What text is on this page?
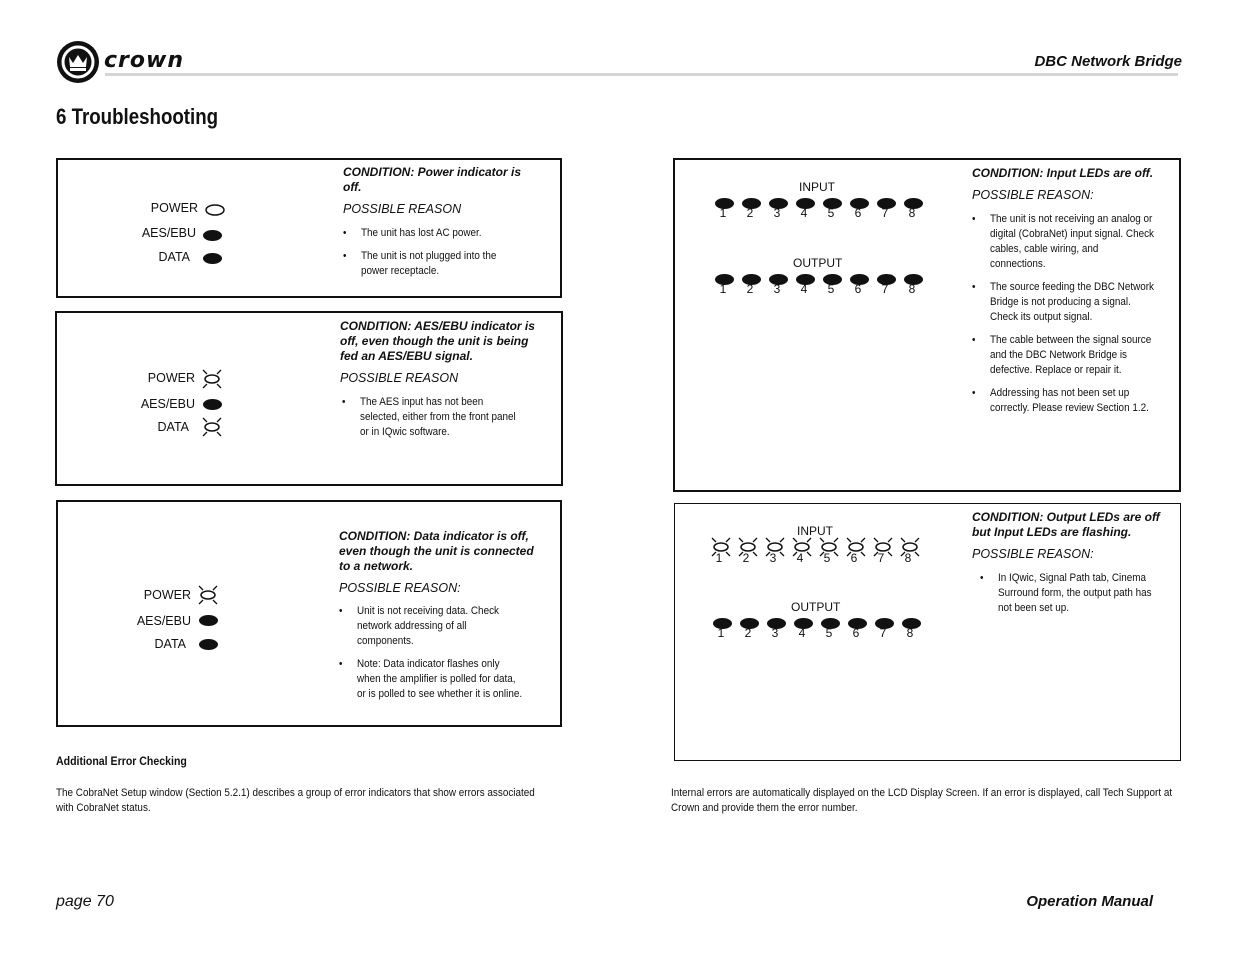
crown	DBC Network Bridge
6 Troubleshooting
POWER
AES/EBU
DATA
CONDITION: Power indicator is off.
POSSIBLE REASON
• The unit has lost AC power.
• The unit is not plugged into the power receptacle.
POWER
AES/EBU
DATA
CONDITION: AES/EBU indicator is off, even though the unit is being fed an AES/EBU signal.
POSSIBLE REASON
• The AES input has not been selected, either from the front panel or in IQwic software.
POWER
AES/EBU
DATA
CONDITION: Data indicator is off, even though the unit is connected to a network.
POSSIBLE REASON:
• Unit is not receiving data. Check network addressing of all components.
• Note: Data indicator flashes only when the amplifier is polled for data, or is polled to see whether it is online.
Additional Error Checking
The CobraNet Setup window (Section 5.2.1) describes a group of error indicators that show errors associated with CobraNet status.
INPUT
1	2	3	4	5	6	7	8
OUTPUT
1	2	3	4	5	6	7	8
CONDITION: Input LEDs are off.
POSSIBLE REASON:
• The unit is not receiving an analog or digital (CobraNet) input signal. Check cables, cable wiring, and connections.
• The source feeding the DBC Network Bridge is not producing a signal. Check its output signal.
• The cable between the signal source and the DBC Network Bridge is defective. Replace or repair it.
• Addressing has not been set up correctly. Please review Section 1.2.
INPUT
1	2	3	4	5	6	7	8
OUTPUT
1	2	3	4	5	6	7	8
CONDITION: Output LEDs are off but Input LEDs are flashing.
POSSIBLE REASON:
• In IQwic, Signal Path tab, Cinema Surround form, the output path has not been set up.
Internal errors are automatically displayed on the LCD Display Screen. If an error is displayed, call Tech Support at Crown and provide them the error number.
page 70	Operation Manual
